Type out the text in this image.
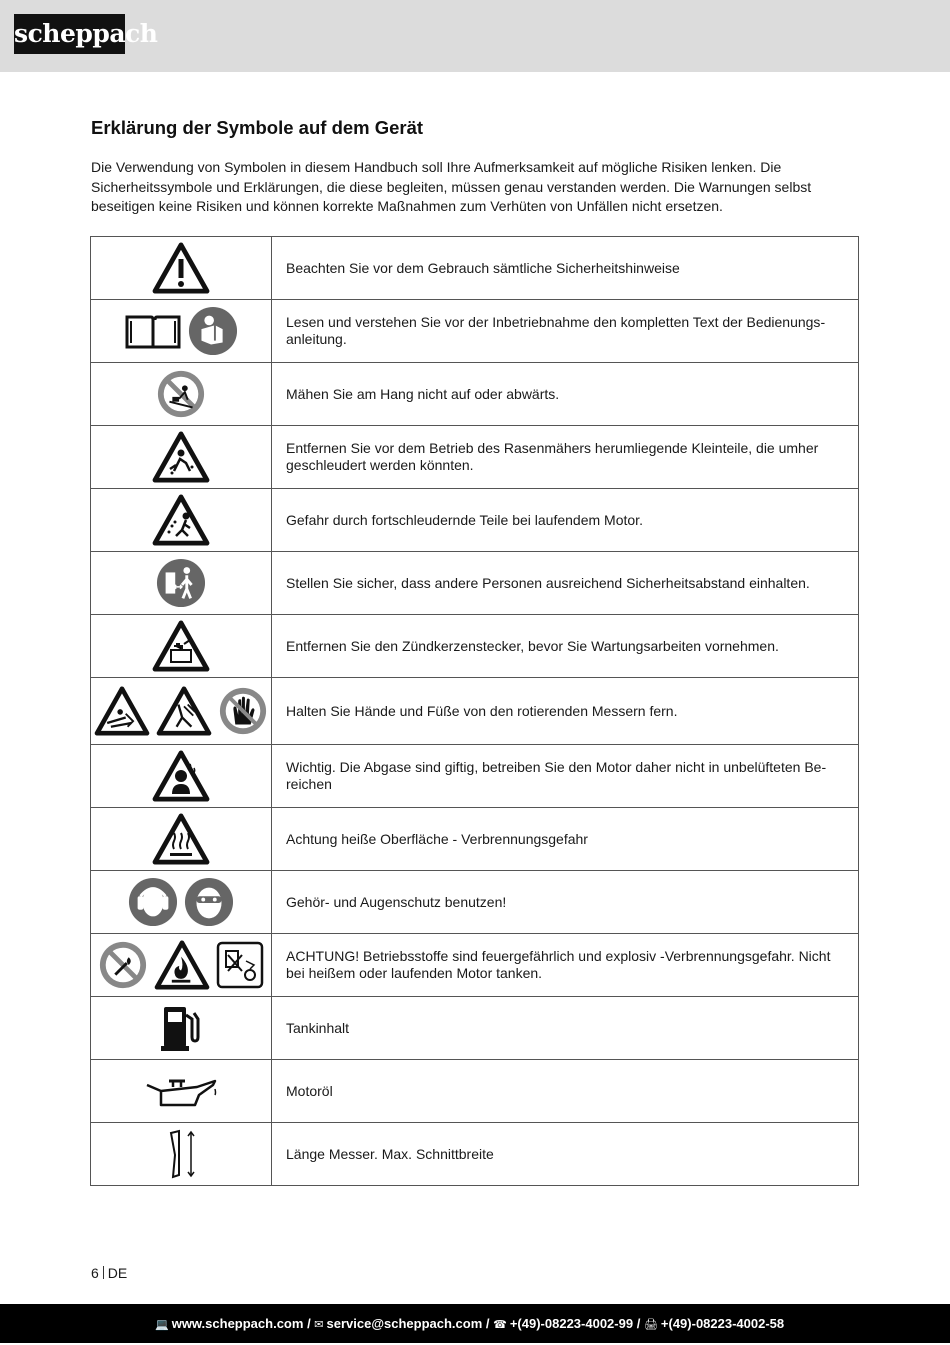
scheppach
Erklärung der Symbole auf dem Gerät

Die Verwendung von Symbolen in diesem Handbuch soll Ihre Aufmerksamkeit auf mögliche Risiken lenken. Die Sicherheitssymbole und Erklärungen, die diese begleiten, müssen genau verstanden werden. Die Warnungen selbst beseitigen keine Risiken und können korrekte Maßnahmen zum Verhüten von Unfällen nicht ersetzen.

	Beachten Sie vor dem Gebrauch sämtliche Sicherheitshinweise
	Lesen und verstehen Sie vor der Inbetriebnahme den kompletten Text der Bedienungsanleitung.
	Mähen Sie am Hang nicht auf oder abwärts.
	Entfernen Sie vor dem Betrieb des Rasenmähers herumliegende Kleinteile, die umher geschleudert werden könnten.
	Gefahr durch fortschleudernde Teile bei laufendem Motor.
	Stellen Sie sicher, dass andere Personen ausreichend Sicherheitsabstand einhalten.
	Entfernen Sie den Zündkerzenstecker, bevor Sie Wartungsarbeiten vornehmen.
	Halten Sie Hände und Füße von den rotierenden Messern fern.
	Wichtig. Die Abgase sind giftig, betreiben Sie den Motor daher nicht in unbelüfteten Bereichen
	Achtung heiße Oberfläche - Verbrennungsgefahr
	Gehör- und Augenschutz benutzen!
	ACHTUNG! Betriebsstoffe sind feuergefährlich und explosiv -Verbrennungsgefahr. Nicht bei heißem oder laufenden Motor tanken.
	Tankinhalt
	Motoröl
	Länge Messer. Max. Schnittbreite
6 DE
💻 www.scheppach.com / ✉ service@scheppach.com / ☎ +(49)-08223-4002-99 / 🖨 +(49)-08223-4002-58
